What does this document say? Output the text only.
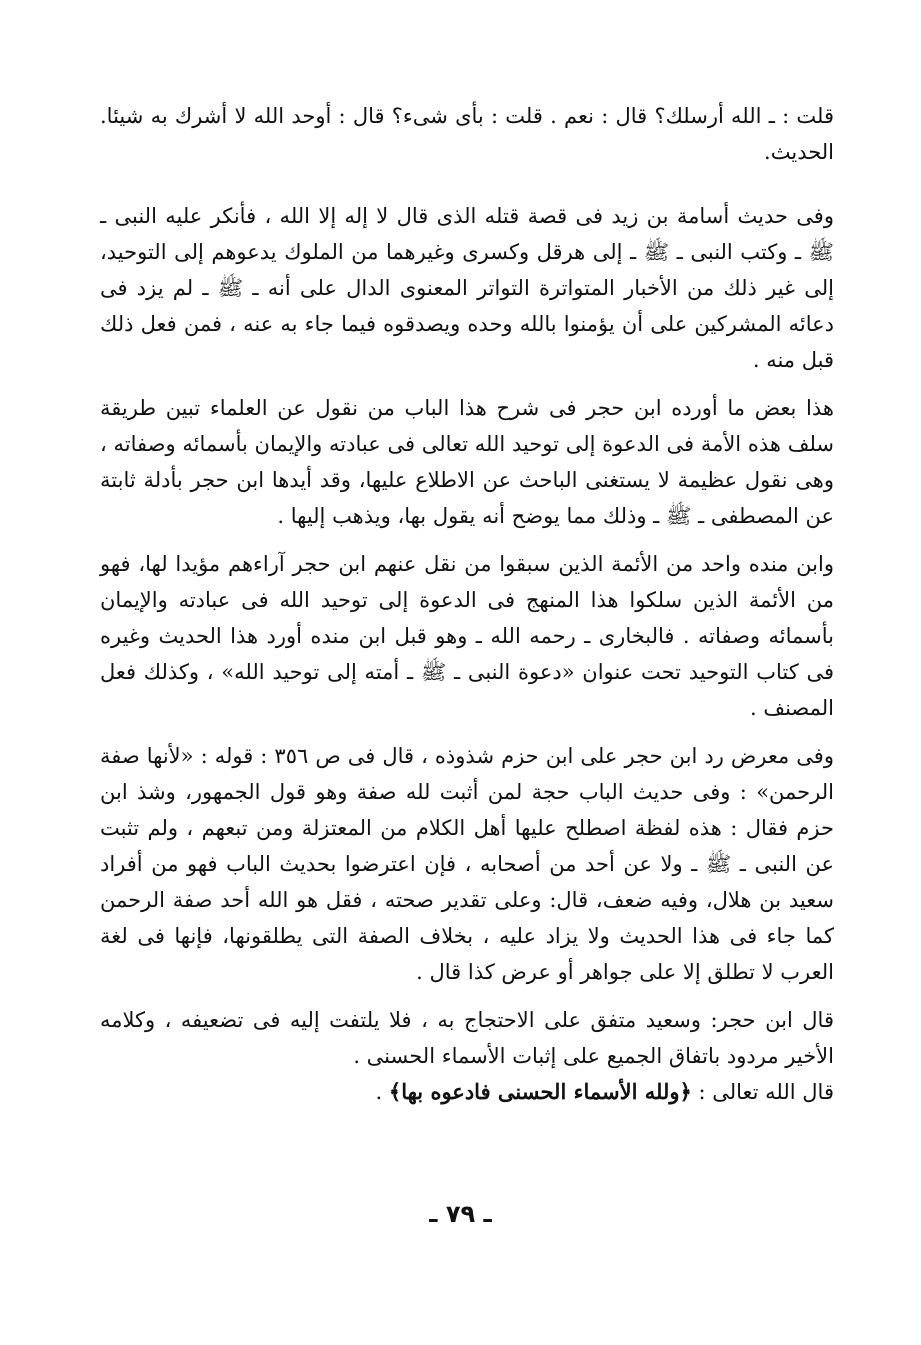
قلت : ـ الله أرسلك؟ قال : نعم . قلت : بأى شىء؟ قال : أوحد الله لا أشرك به شيئا. الحديث.

وفى حديث أسامة بن زيد فى قصة قتله الذى قال لا إله إلا الله ، فأنكر عليه النبى ـ ﷺ ـ وكتب النبى ـ ﷺ ـ إلى هرقل وكسرى وغيرهما من الملوك يدعوهم إلى التوحيد، إلى غير ذلك من الأخبار المتواترة التواتر المعنوى الدال على أنه ـ ﷺ ـ لم يزد فى دعائه المشركين على أن يؤمنوا بالله وحده ويصدقوه فيما جاء به عنه ، فمن فعل ذلك قبل منه .

هذا بعض ما أورده ابن حجر فى شرح هذا الباب من نقول عن العلماء تبين طريقة سلف هذه الأمة فى الدعوة إلى توحيد الله تعالى فى عبادته والإيمان بأسمائه وصفاته ، وهى نقول عظيمة لا يستغنى الباحث عن الاطلاع عليها، وقد أيدها ابن حجر بأدلة ثابتة عن المصطفى ـ ﷺ ـ وذلك مما يوضح أنه يقول بها، ويذهب إليها .

وابن منده واحد من الأئمة الذين سبقوا من نقل عنهم ابن حجر آراءهم مؤيدا لها، فهو من الأئمة الذين سلكوا هذا المنهج فى الدعوة إلى توحيد الله فى عبادته والإيمان بأسمائه وصفاته . فالبخارى ـ رحمه الله ـ وهو قبل ابن منده أورد هذا الحديث وغيره فى كتاب التوحيد تحت عنوان «دعوة النبى ـ ﷺ ـ أمته إلى توحيد الله» ، وكذلك فعل المصنف .

وفى معرض رد ابن حجر على ابن حزم شذوذه ، قال فى ص ٣٥٦ : قوله : «لأنها صفة الرحمن» : وفى حديث الباب حجة لمن أثبت لله صفة وهو قول الجمهور، وشذ ابن حزم فقال : هذه لفظة اصطلح عليها أهل الكلام من المعتزلة ومن تبعهم ، ولم تثبت عن النبى ـ ﷺ ـ ولا عن أحد من أصحابه ، فإن اعترضوا بحديث الباب فهو من أفراد سعيد بن هلال، وفيه ضعف، قال: وعلى تقدير صحته ، فقل هو الله أحد صفة الرحمن كما جاء فى هذا الحديث ولا يزاد عليه ، بخلاف الصفة التى يطلقونها، فإنها فى لغة العرب لا تطلق إلا على جواهر أو عرض كذا قال .

قال ابن حجر: وسعيد متفق على الاحتجاج به ، فلا يلتفت إليه فى تضعيفه ، وكلامه الأخير مردود باتفاق الجميع على إثبات الأسماء الحسنى .

قال الله تعالى : ﴿ولله الأسماء الحسنى فادعوه بها﴾ .

ـ ٧٩ ـ
